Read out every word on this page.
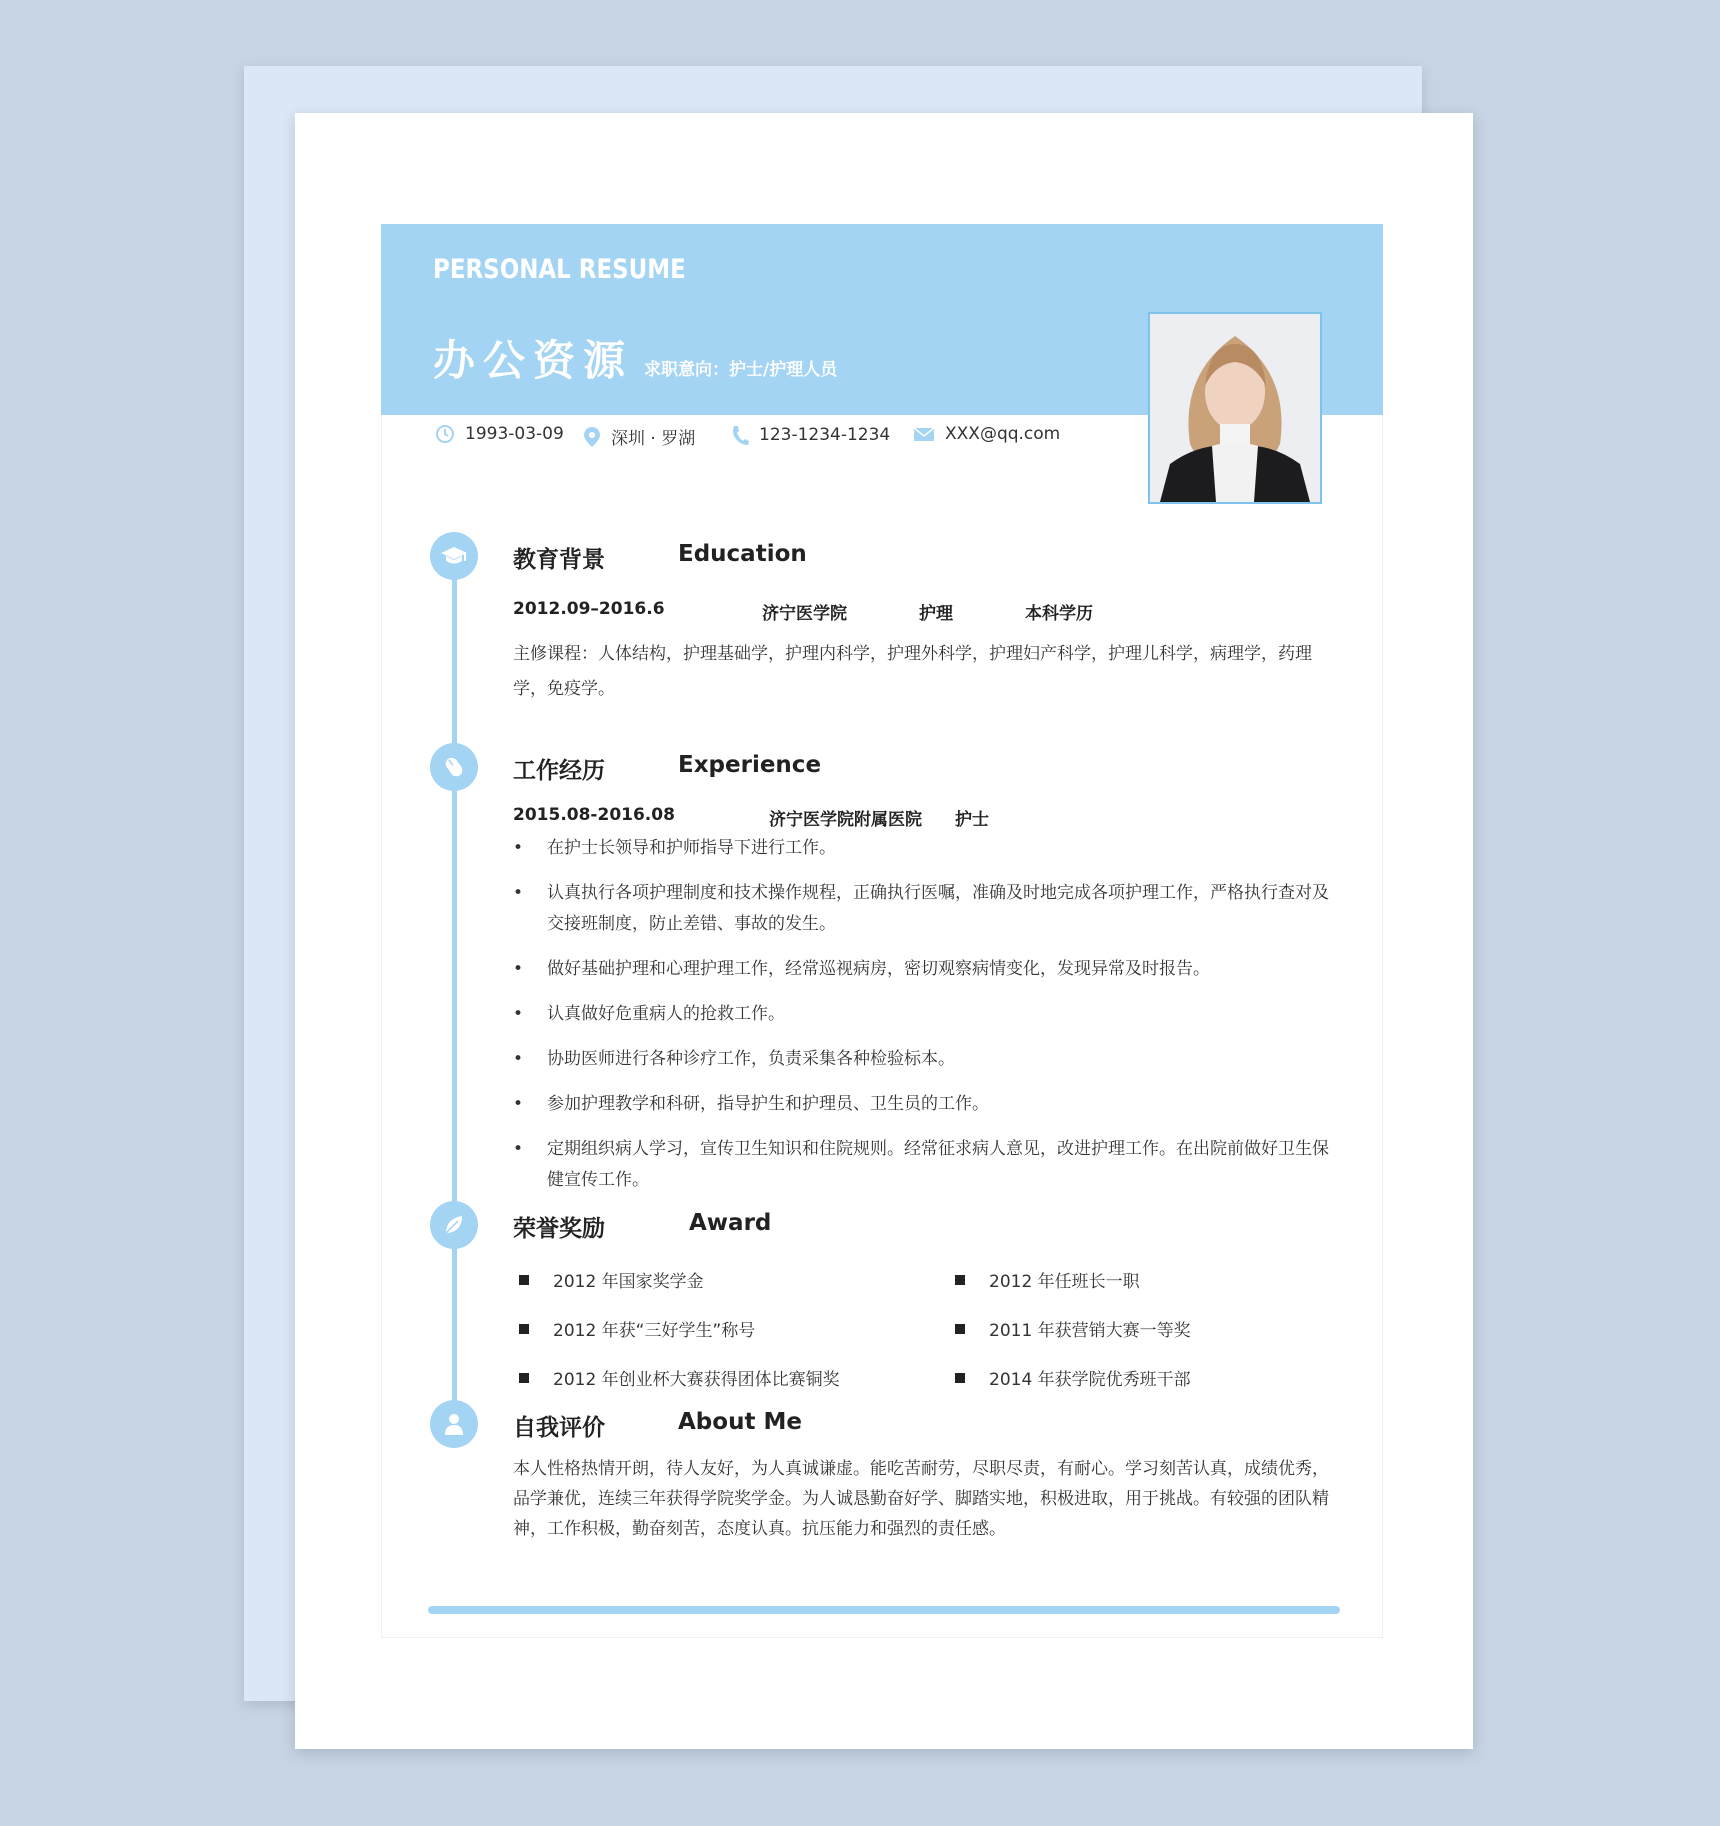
PERSONAL RESUME
办公资源 求职意向：护士/护理人员
1993-03-09	深圳 · 罗湖	123-1234-1234	XXX@qq.com
教育背景	Education
2012.09–2016.6	济宁医学院	护理	本科学历
主修课程：人体结构，护理基础学，护理内科学，护理外科学，护理妇产科学，护理儿科学，病理学，药理学，免疫学。
工作经历	Experience
2015.08-2016.08	济宁医学院附属医院 护士
• 在护士长领导和护师指导下进行工作。
• 认真执行各项护理制度和技术操作规程，正确执行医嘱，准确及时地完成各项护理工作，严格执行查对及交接班制度，防止差错、事故的发生。
• 做好基础护理和心理护理工作，经常巡视病房，密切观察病情变化，发现异常及时报告。
• 认真做好危重病人的抢救工作。
• 协助医师进行各种诊疗工作，负责采集各种检验标本。
• 参加护理教学和科研，指导护生和护理员、卫生员的工作。
• 定期组织病人学习，宣传卫生知识和住院规则。经常征求病人意见，改进护理工作。在出院前做好卫生保健宣传工作。
荣誉奖励	Award
2012 年国家奖学金	2012 年任班长一职
2012 年获“三好学生”称号	2011 年获营销大赛一等奖
2012 年创业杯大赛获得团体比赛铜奖	2014 年获学院优秀班干部
自我评价	About Me
本人性格热情开朗，待人友好，为人真诚谦虚。能吃苦耐劳，尽职尽责，有耐心。学习刻苦认真，成绩优秀，品学兼优，连续三年获得学院奖学金。为人诚恳勤奋好学、脚踏实地，积极进取，用于挑战。有较强的团队精神，工作积极，勤奋刻苦，态度认真。抗压能力和强烈的责任感。
